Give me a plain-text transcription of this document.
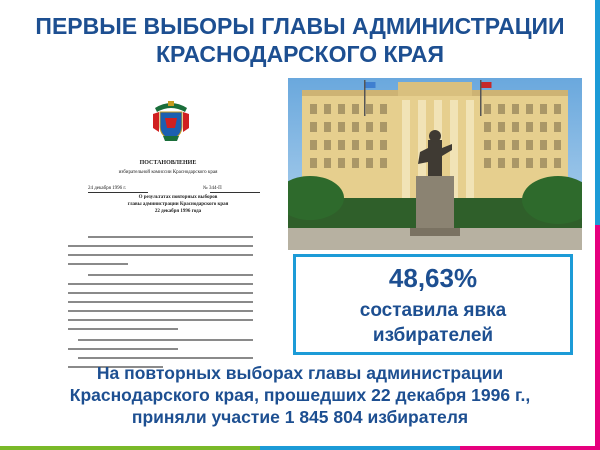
ПЕРВЫЕ ВЫБОРЫ ГЛАВЫ АДМИНИСТРАЦИИ
КРАСНОДАРСКОГО КРАЯ
ПОСТАНОВЛЕНИЕ
избирательной комиссии Краснодарского края
24 декабря 1996 г.	№ 344-П
О результатах повторных выборов
главы администрации Краснодарского края
22 декабря 1996 года
48,63%
составила явка
избирателей
На повторных выборах главы администрации
Краснодарского края, прошедших 22 декабря 1996 г.,
приняли участие 1 845 804 избирателя
